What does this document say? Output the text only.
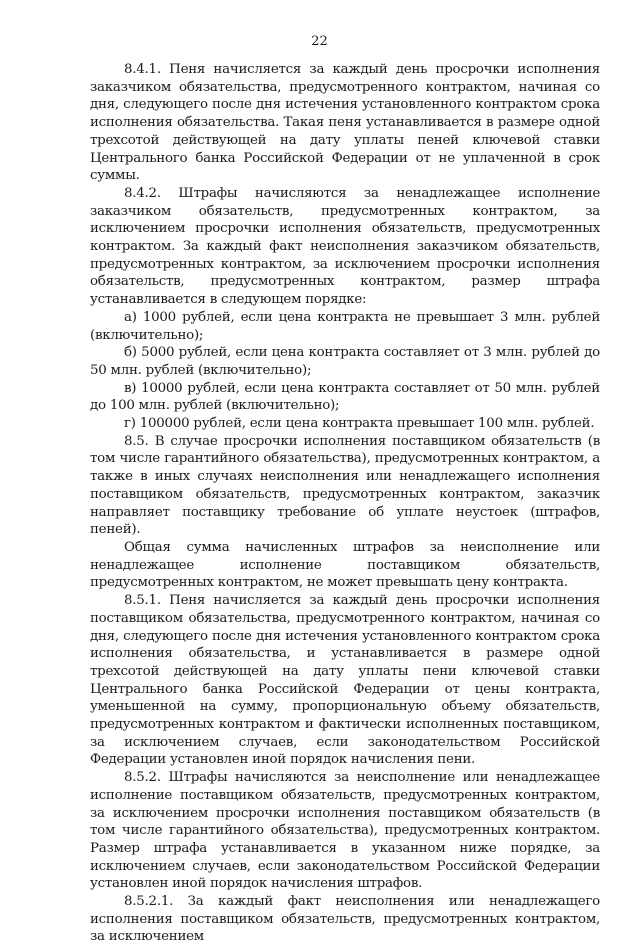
22

8.4.1. Пеня начисляется за каждый день просрочки исполнения заказчиком обязательства, предусмотренного контрактом, начиная со дня, следующего после дня истечения установленного контрактом срока исполнения обязательства. Такая пеня устанавливается в размере одной трехсотой действующей на дату уплаты пеней ключевой ставки Центрального банка Российской Федерации от не уплаченной в срок суммы.

8.4.2. Штрафы начисляются за ненадлежащее исполнение заказчиком обязательств, предусмотренных контрактом, за исключением просрочки исполнения обязательств, предусмотренных контрактом. За каждый факт неисполнения заказчиком обязательств, предусмотренных контрактом, за исключением просрочки исполнения обязательств, предусмотренных контрактом, размер штрафа устанавливается в следующем порядке:

а) 1000 рублей, если цена контракта не превышает 3 млн. рублей (включительно);

б) 5000 рублей, если цена контракта составляет от 3 млн. рублей до 50 млн. рублей (включительно);

в) 10000 рублей, если цена контракта составляет от 50 млн. рублей до 100 млн. рублей (включительно);

г) 100000 рублей, если цена контракта превышает 100 млн. рублей.

8.5. В случае просрочки исполнения поставщиком обязательств (в том числе гарантийного обязательства), предусмотренных контрактом, а также в иных случаях неисполнения или ненадлежащего исполнения поставщиком обязательств, предусмотренных контрактом, заказчик направляет поставщику требование об уплате неустоек (штрафов, пеней).

Общая сумма начисленных штрафов за неисполнение или ненадлежащее исполнение поставщиком обязательств, предусмотренных контрактом, не может превышать цену контракта.

8.5.1. Пеня начисляется за каждый день просрочки исполнения поставщиком обязательства, предусмотренного контрактом, начиная со дня, следующего после дня истечения установленного контрактом срока исполнения обязательства, и устанавливается в размере одной трехсотой действующей на дату уплаты пени ключевой ставки Центрального банка Российской Федерации от цены контракта, уменьшенной на сумму, пропорциональную объему обязательств, предусмотренных контрактом и фактически исполненных поставщиком, за исключением случаев, если законодательством Российской Федерации установлен иной порядок начисления пени.

8.5.2. Штрафы начисляются за неисполнение или ненадлежащее исполнение поставщиком обязательств, предусмотренных контрактом, за исключением просрочки исполнения поставщиком обязательств (в том числе гарантийного обязательства), предусмотренных контрактом. Размер штрафа устанавливается в указанном ниже порядке, за исключением случаев, если законодательством Российской Федерации установлен иной порядок начисления штрафов.

8.5.2.1. За каждый факт неисполнения или ненадлежащего исполнения поставщиком обязательств, предусмотренных контрактом, за исключением
